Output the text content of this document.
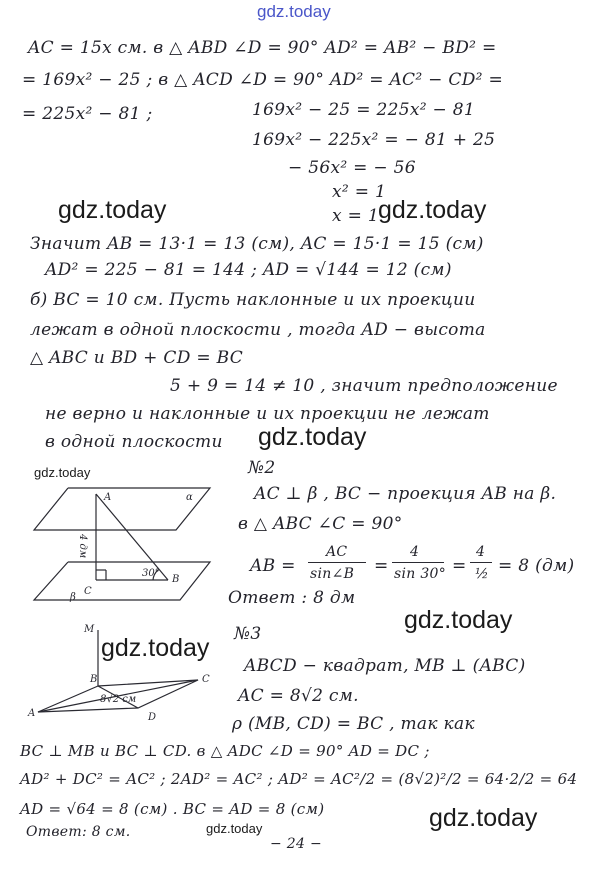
gdz.today
gdz.today	gdz.today
gdz.today
gdz.today
gdz.today
gdz.today
gdz.today
gdz.today
AC = 15x см. в △ ABD ∠D = 90° AD² = AB² − BD² =
= 169x² − 25 ; в △ ACD ∠D = 90° AD² = AC² − CD² =
= 225x² − 81 ;	169x² − 25 = 225x² − 81
169x² − 225x² = − 81 + 25
− 56x² = − 56
x² = 1
x = 1
Значит AB = 13·1 = 13 (см), AC = 15·1 = 15 (см)
AD² = 225 − 81 = 144 ; AD = √144 = 12 (см)
б) BC = 10 см. Пусть наклонные и их проекции
лежат в одной плоскости , тогда AD − высота
△ ABC и BD + CD = BC
5 + 9 = 14 ≠ 10 , значит предположение
не верно и наклонные и их проекции не лежат
в одной плоскости
№2
AC ⊥ β , BC − проекция AB на β.
в △ ABC ∠C = 90°
AB =
AC
sin∠B =
4
sin 30° =
4
½ = 8 (дм)
Ответ : 8 дм
A	α
β
C
B
30°
4 дм
№3
ABCD − квадрат, MB ⊥ (ABC)
AC = 8√2 см.
ρ (MB, CD) = BC , так как
BC ⊥ MB и BC ⊥ CD. в △ ADC ∠D = 90° AD = DC ;
AD² + DC² = AC² ; 2AD² = AC² ; AD² = AC²/2 = (8√2)²/2 = 64·2/2 = 64
AD = √64 = 8 (см) . BC = AD = 8 (см)
Ответ: 8 см.
M
B	C
A	D
8√2 см
− 24 −
